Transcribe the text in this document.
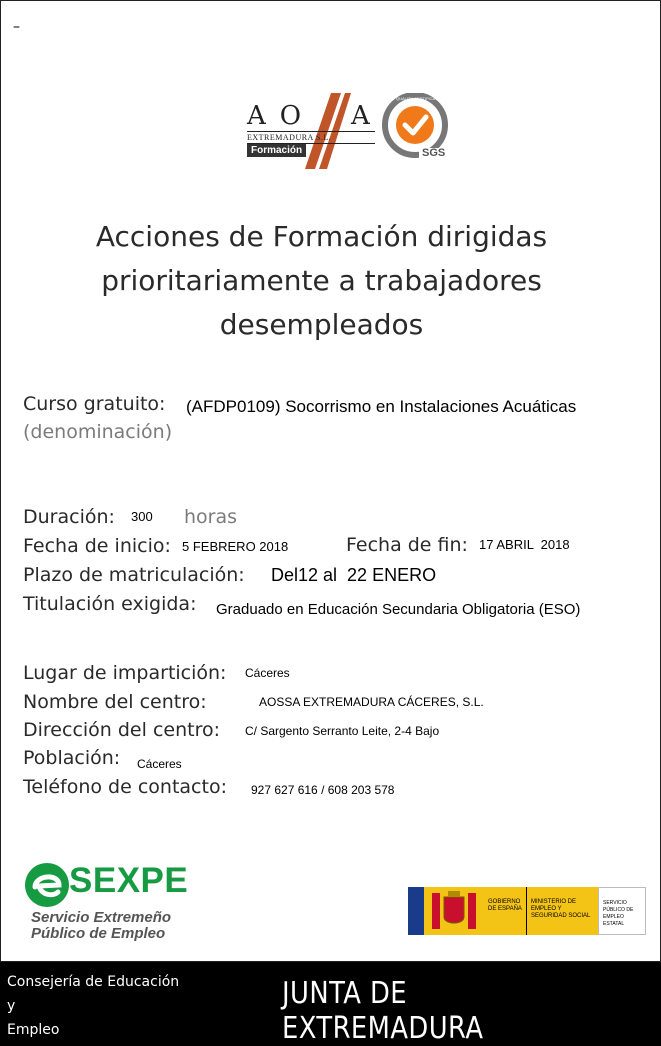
–
AO A
EXTREMADURA S.L.
Formación	SGS
QUALITY CERTIFICATION
ISO 9001
Acciones de Formación dirigidas
prioritariamente a trabajadores
desempleados
Curso gratuito:
(denominación)
(AFDP0109) Socorrismo en Instalaciones Acuáticas
Duración: 300 horas
Fecha de inicio: 5 FEBRERO 2018	Fecha de fin: 17 ABRIL  2018
Plazo de matriculación: Del12 al  22 ENERO
Titulación exigida: Graduado en Educación Secundaria Obligatoria (ESO)
Lugar de impartición: Cáceres
Nombre del centro:	AOSSA EXTREMADURA CÁCERES, S.L.
Dirección del centro: C/ Sargento Serranto Leite, 2-4 Bajo
Población: Cáceres
Teléfono de contacto: 927 627 616 / 608 203 578
SEXPE
Servicio Extremeño
Público de Empleo
GOBIERNO DE ESPAÑA
MINISTERIO DE EMPLEO Y SEGURIDAD SOCIAL
SERVICIO PÚBLICO DE EMPLEO ESTATAL
Consejería de Educación y
Empleo
JUNTA DE EXTREMADURA
